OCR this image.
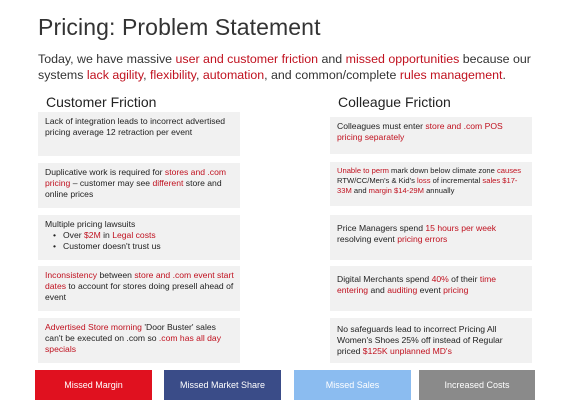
Pricing: Problem Statement
Today, we have massive user and customer friction and missed opportunities because our systems lack agility, flexibility, automation, and common/complete rules management.
Customer Friction	Colleague Friction
Lack of integration leads to incorrect advertised pricing average 12 retraction per event
Duplicative work is required for stores and .com pricing – customer may see different store and online prices
Multiple pricing lawsuits
• Over $2M in Legal costs
• Customer doesn't trust us
Inconsistency between store and .com event start dates to account for stores doing presell ahead of event
Advertised Store morning 'Door Buster' sales can't be executed on .com so .com has all day specials
Colleagues must enter store and .com POS pricing separately
Unable to perm mark down below climate zone causes RTW/CC/Men's & Kid's loss of incremental sales $17-33M and margin $14-29M annually
Price Managers spend 15 hours per week resolving event pricing errors
Digital Merchants spend 40% of their time entering and auditing event pricing
No safeguards lead to incorrect Pricing All Women's Shoes 25% off instead of Regular priced $125K unplanned MD's
Missed Margin	Missed Market Share	Missed Sales	Increased Costs
